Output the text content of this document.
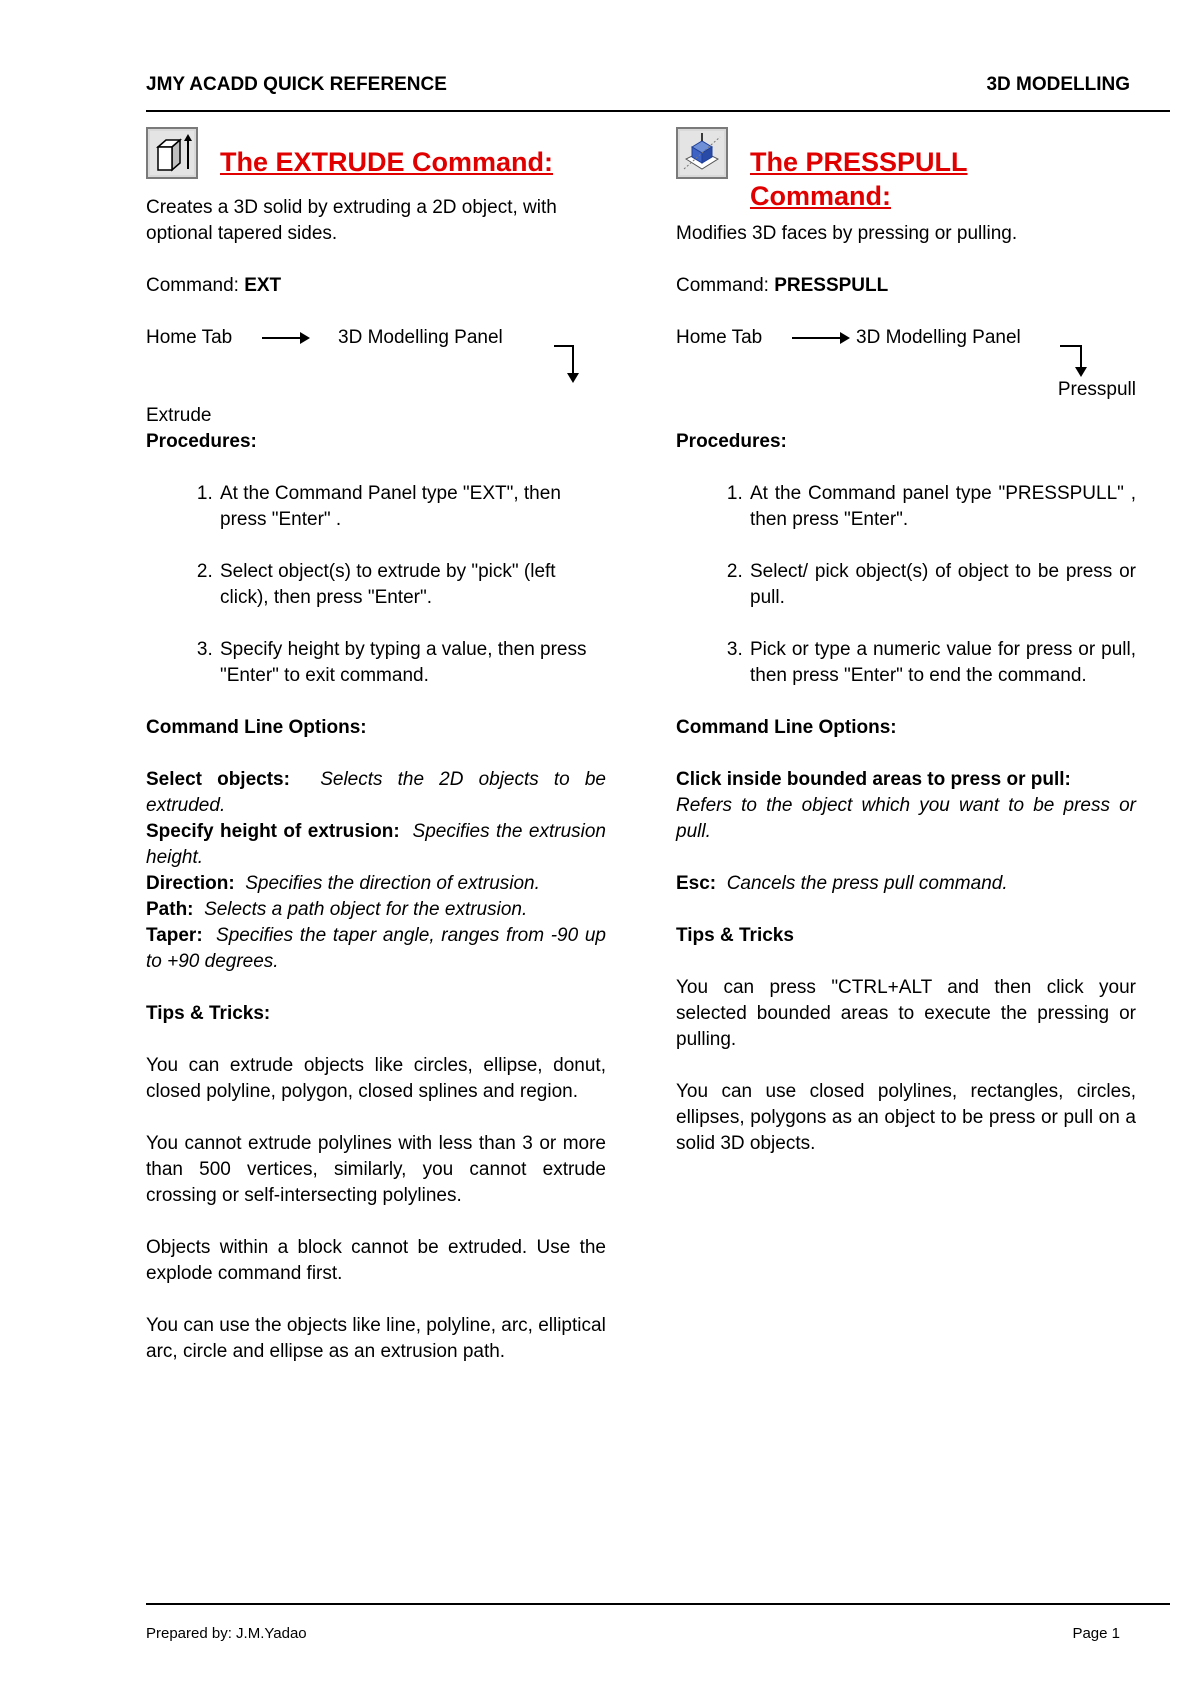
JMY ACADD QUICK REFERENCE	3D MODELLING
The EXTRUDE Command:

Creates a 3D solid by extruding a 2D object, with optional tapered sides.

Command: EXT

Home Tab	3D Modelling Panel
Extrude
Procedures:
1. At the Command Panel type "EXT", then press "Enter" .
2. Select object(s) to extrude by "pick" (left click), then press "Enter".
3. Specify height by typing a value, then press "Enter" to exit command.

Command Line Options:

Select objects: Selects the 2D objects to be extruded.
Specify height of extrusion: Specifies the extrusion height.
Direction: Specifies the direction of extrusion.
Path: Selects a path object for the extrusion.
Taper: Specifies the taper angle, ranges from -90 up to +90 degrees.

Tips & Tricks:

You can extrude objects like circles, ellipse, donut, closed polyline, polygon, closed splines and region.

You cannot extrude polylines with less than 3 or more than 500 vertices, similarly, you cannot extrude crossing or self-intersecting polylines.

Objects within a block cannot be extruded. Use the explode command first.

You can use the objects like line, polyline, arc, elliptical arc, circle and ellipse as an extrusion path.

The PRESSPULL Command:

Modifies 3D faces by pressing or pulling.

Command: PRESSPULL

Home Tab	3D Modelling Panel
Presspull

Procedures:

1. At the Command panel type "PRESSPULL" , then press "Enter".
2. Select/ pick object(s) of object to be press or pull.
3. Pick or type a numeric value for press or pull, then press "Enter" to end the command.

Command Line Options:

Click inside bounded areas to press or pull:
Refers to the object which you want to be press or pull.

Esc: Cancels the press pull command.

Tips & Tricks

You can press "CTRL+ALT and then click your selected bounded areas to execute the pressing or pulling.

You can use closed polylines, rectangles, circles, ellipses, polygons as an object to be press or pull on a solid 3D objects.

Prepared by: J.M.Yadao	Page 1
